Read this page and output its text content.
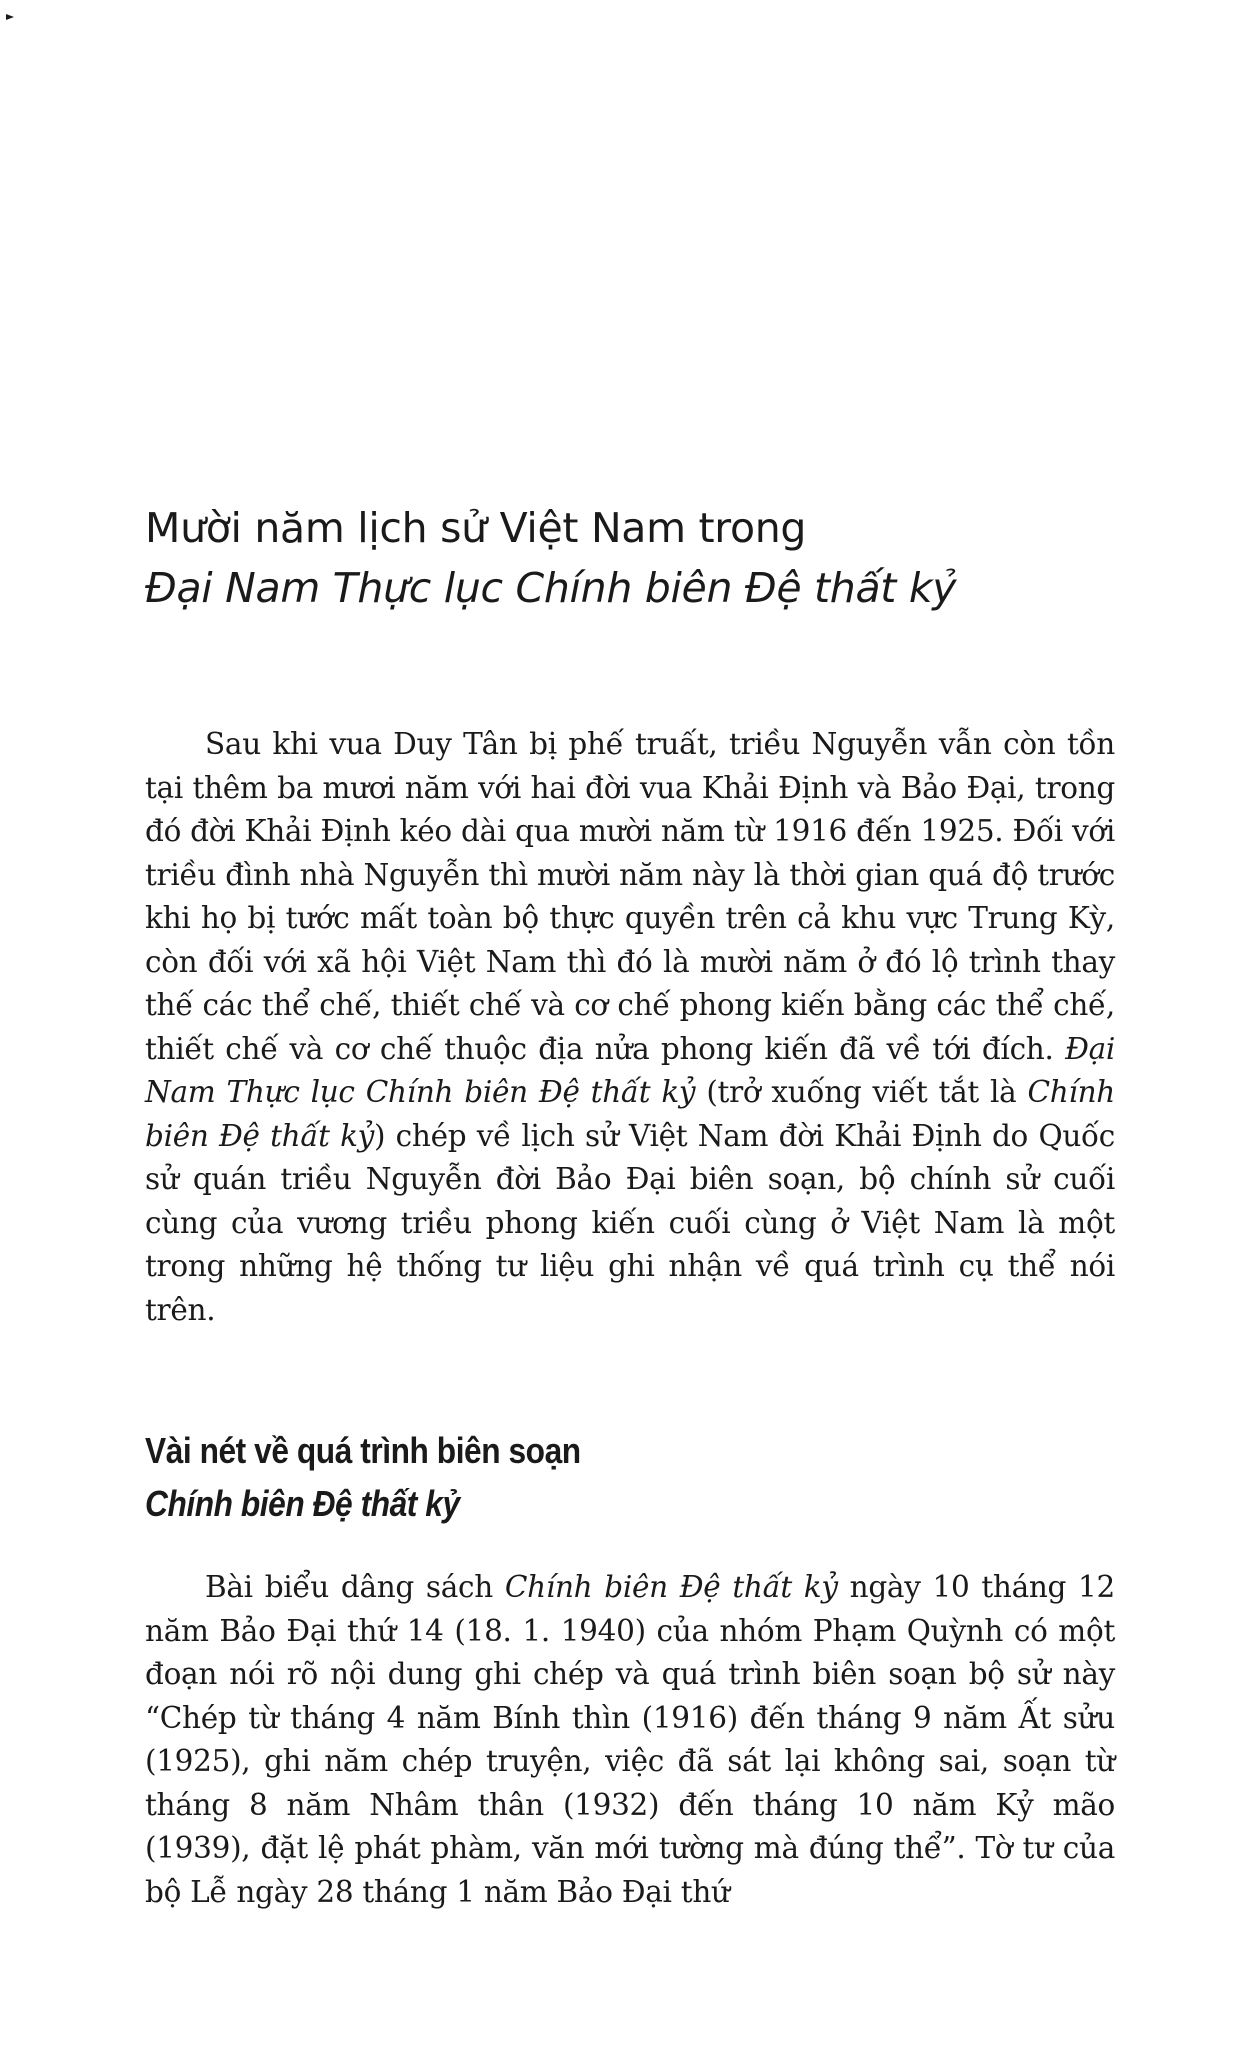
Mười năm lịch sử Việt Nam trong
Đại Nam Thực lục Chính biên Đệ thất kỷ

Sau khi vua Duy Tân bị phế truất, triều Nguyễn vẫn còn tồn tại thêm ba mươi năm với hai đời vua Khải Định và Bảo Đại, trong đó đời Khải Định kéo dài qua mười năm từ 1916 đến 1925. Đối với triều đình nhà Nguyễn thì mười năm này là thời gian quá độ trước khi họ bị tước mất toàn bộ thực quyền trên cả khu vực Trung Kỳ, còn đối với xã hội Việt Nam thì đó là mười năm ở đó lộ trình thay thế các thể chế, thiết chế và cơ chế phong kiến bằng các thể chế, thiết chế và cơ chế thuộc địa nửa phong kiến đã về tới đích. Đại Nam Thực lục Chính biên Đệ thất kỷ (trở xuống viết tắt là Chính biên Đệ thất kỷ) chép về lịch sử Việt Nam đời Khải Định do Quốc sử quán triều Nguyễn đời Bảo Đại biên soạn, bộ chính sử cuối cùng của vương triều phong kiến cuối cùng ở Việt Nam là một trong những hệ thống tư liệu ghi nhận về quá trình cụ thể nói trên.

Vài nét về quá trình biên soạn
Chính biên Đệ thất kỷ

Bài biểu dâng sách Chính biên Đệ thất kỷ ngày 10 tháng 12 năm Bảo Đại thứ 14 (18. 1. 1940) của nhóm Phạm Quỳnh có một đoạn nói rõ nội dung ghi chép và quá trình biên soạn bộ sử này “Chép từ tháng 4 năm Bính thìn (1916) đến tháng 9 năm Ất sửu (1925), ghi năm chép truyện, việc đã sát lại không sai, soạn từ tháng 8 năm Nhâm thân (1932) đến tháng 10 năm Kỷ mão (1939), đặt lệ phát phàm, văn mới tường mà đúng thể”. Tờ tư của bộ Lễ ngày 28 tháng 1 năm Bảo Đại thứ
